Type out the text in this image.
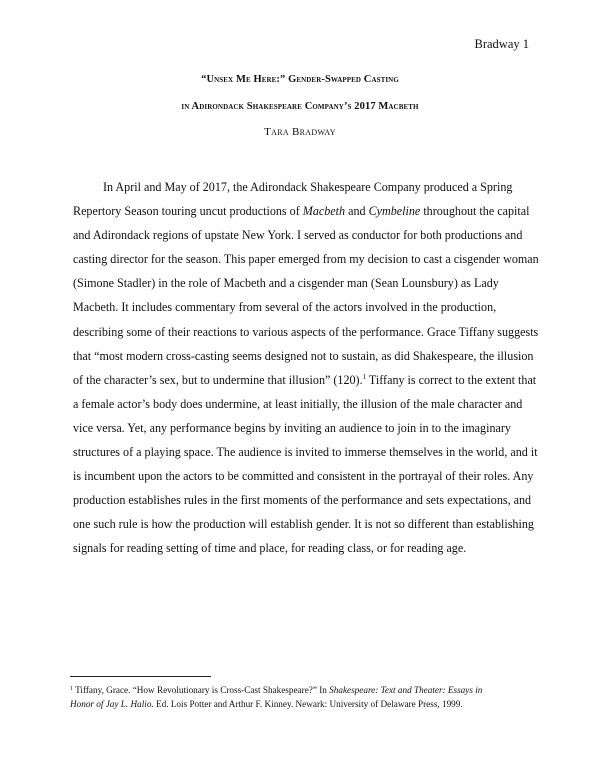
Bradway 1
“Unsex Me Here:” Gender-Swapped Casting
in Adirondack Shakespeare Company’s 2017 Macbeth
Tara Bradway
In April and May of 2017, the Adirondack Shakespeare Company produced a Spring
Repertory Season touring uncut productions of Macbeth and Cymbeline throughout the capital
and Adirondack regions of upstate New York. I served as conductor for both productions and
casting director for the season. This paper emerged from my decision to cast a cisgender woman
(Simone Stadler) in the role of Macbeth and a cisgender man (Sean Lounsbury) as Lady
Macbeth. It includes commentary from several of the actors involved in the production,
describing some of their reactions to various aspects of the performance. Grace Tiffany suggests
that “most modern cross-casting seems designed not to sustain, as did Shakespeare, the illusion
of the character’s sex, but to undermine that illusion” (120).$^1$ Tiffany is correct to the extent that
a female actor’s body does undermine, at least initially, the illusion of the male character and
vice versa. Yet, any performance begins by inviting an audience to join in to the imaginary
structures of a playing space. The audience is invited to immerse themselves in the world, and it
is incumbent upon the actors to be committed and consistent in the portrayal of their roles. Any
production establishes rules in the first moments of the performance and sets expectations, and
one such rule is how the production will establish gender. It is not so different than establishing
signals for reading setting of time and place, for reading class, or for reading age.
$^1$ Tiffany, Grace. “How Revolutionary is Cross-Cast Shakespeare?” In Shakespeare: Text and Theater: Essays in
Honor of Jay L. Halio. Ed. Lois Potter and Arthur F. Kinney. Newark: University of Delaware Press, 1999.
